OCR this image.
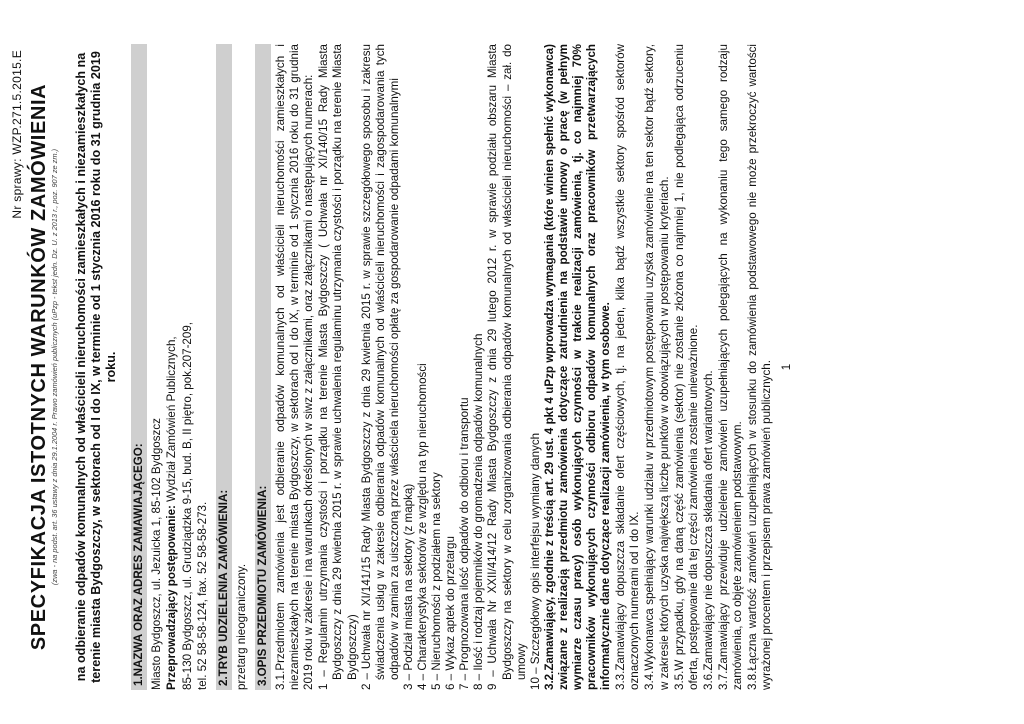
Nr sprawy: WZP.271.5.2015.E SPECYFIKACJA ISTOTNYCH WARUNKÓW ZAMÓWIENIA (zwa - na podst. art. 36 ustawy z dnia 29.1.2004 r. Prawo zamówień publicznych (uPzp - tekst jedn. Dz. U. z 2013 r., poz. 907 ze zm.) na odbieranie odpadów komunalnych od właścicieli nieruchomości zamieszkałych i niezamieszkałych na terenie miasta Bydgoszczy, w sektorach od I do IX, w terminie od 1 stycznia 2016 roku do 31 grudnia 2019 roku.
1.NAZWA ORAZ ADRES ZAMAWIAJĄCEGO: Miasto Bydgoszcz, ul. Jezuicka 1, 85-102 Bydgoszcz Przeprowadzający postępowanie: Wydział Zamówień Publicznych, 85-130 Bydgoszcz, ul. Grudziądzka 9-15, bud. B, II piętro, pok.207-209, tel. 52 58-58-124, fax. 52 58-58-273. 2.TRYB UDZIELENIA ZAMÓWIENIA: przetarg nieograniczony. 3.OPIS PRZEDMIOTU ZAMÓWIENIA: 3.1.Przedmiotem zamówienia jest odbieranie odpadów komunalnych od właścicieli nieruchomości zamieszkałych i niezamieszkałych na terenie miasta Bydgoszczy, w sektorach od I do IX, w terminie od 1 stycznia 2016 roku do 31 grudnia 2019 roku w zakresie i na warunkach określonych w siwz z załącznikami, oraz załącznikami o następujących numerach: 1 – Regulamin utrzymania czystości i porządku na terenie Miasta Bydgoszczy ( Uchwała nr XI/140/15 Rady Miasta Bydgoszczy z dnia 29 kwietnia 2015 r. w sprawie uchwalenia regulaminu utrzymania czystości i porządku na terenie Miasta Bydgoszczy) 2 – Uchwała nr XI/141/15 Rady Miasta Bydgoszczy z dnia 29 kwietnia 2015 r. w sprawie szczegółowego sposobu i zakresu świadczenia usług w zakresie odbierania odpadów komunalnych od właścicieli nieruchomości i zagospodarowania tych odpadów w zamian za uiszczoną przez właściciela nieruchomości opłatę za gospodarowanie odpadami komunalnymi 3 – Podział miasta na sektory (z mapką) 4 – Charakterystyka sektorów ze względu na typ nieruchomości 5 – Nieruchomości z podziałem na sektory 6 – Wykaz aptek do przetargu 7 – Prognozowana ilość odpadów do odbioru i transportu 8 – Ilość i rodzaj pojemników do gromadzenia odpadów komunalnych 9 – Uchwała Nr XXII/414/12 Rady Miasta Bydgoszczy z dnia 29 lutego 2012 r. w sprawie podziału obszaru Miasta Bydgoszczy na sektory w celu zorganizowania odbierania odpadów komunalnych od właścicieli nieruchomości – zał. do umowy 10 – Szczegółowy opis interfejsu wymiany danych 3.2.Zamawiający, zgodnie z treścią art. 29 ust. 4 pkt 4 uPzp wprowadza wymagania (które winien spełnić wykonawca) związane z realizacją przedmiotu zamówienia dotyczące zatrudnienia na podstawie umowy o pracę (w pełnym wymiarze czasu pracy) osób wykonujących czynności w trakcie realizacji zamówienia, tj. co najmniej 70% pracowników wykonujących czynności odbioru odpadów komunalnych oraz pracowników przetwarzających informatycznie dane dotyczące realizacji zamówienia, w tym osobowe. 3.3.Zamawiający dopuszcza składanie ofert częściowych, tj. na jeden, kilka bądź wszystkie sektory spośród sektorów oznaczonych numerami od I do IX. 3.4.Wykonawca spełniający warunki udziału w przedmiotowym postępowaniu uzyska zamówienie na ten sektor bądź sektory, w zakresie których uzyska największą liczbę punktów w obowiązujących w postępowaniu kryteriach. 3.5.W przypadku, gdy na daną część zamówienia (sektor) nie zostanie złożona co najmniej 1, nie podlegająca odrzuceniu oferta, postępowanie dla tej części zamówienia zostanie unieważnione. 3.6.Zamawiający nie dopuszcza składania ofert wariantowych. 3.7.Zamawiający przewiduje udzielenie zamówień uzupełniających polegających na wykonaniu tego samego rodzaju zamówienia, co objęte zamówieniem podstawowym. 3.8.Łączna wartość zamówień uzupełniających w stosunku do zamówienia podstawowego nie może przekroczyć wartości wyrażonej procentem i przepisem prawa zamówień publicznych. 1
